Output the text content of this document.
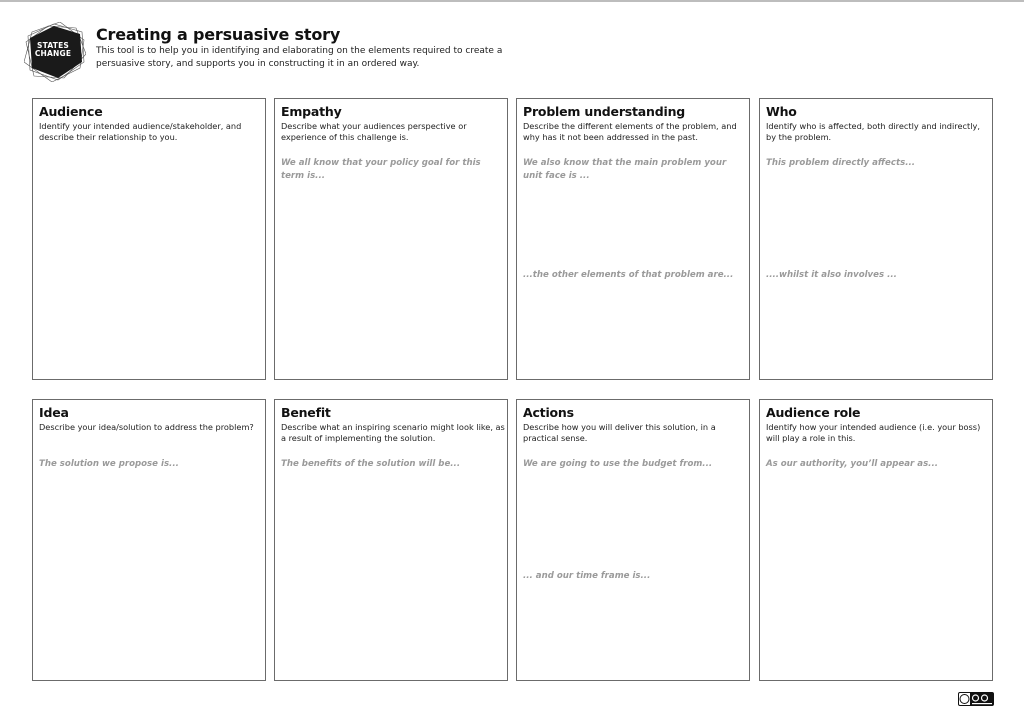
STATES
CHANGE
Creating a persuasive story

This tool is to help you in identifying and elaborating on the elements required to create a persuasive story, and supports you in constructing it in an ordered way.

Audience

Identify your intended audience/stakeholder, and describe their relationship to you.

Empathy

Describe what your audiences perspective or experience of this challenge is.

We all know that your policy goal for this term is...

Problem understanding

Describe the different elements of the problem, and why has it not been addressed in the past.

We also know that the main problem your unit face is ...

...the other elements of that problem are...

Who

Identify who is affected, both directly and indirectly, by the problem.

This problem directly affects...

....whilst it also involves ...

Idea

Describe your idea/solution to address the problem?

The solution we propose is...

Benefit

Describe what an inspiring scenario might look like, as a result of implementing the solution.

The benefits of the solution will be...

Actions

Describe how you will deliver this solution, in a practical sense.

We are going to use the budget from...

... and our time frame is...

Audience role

Identify how your intended audience (i.e. your boss) will play a role in this.

As our authority, you’ll appear as...
